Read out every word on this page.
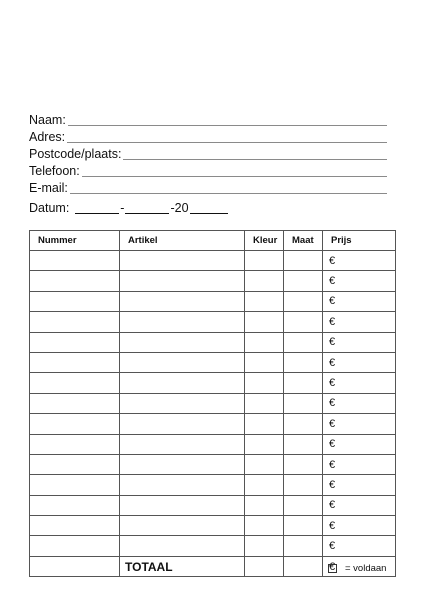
Naam:
Adres:
Postcode/plaats:
Telefoon:
E-mail:
Datum:	-	-20
Nummer	Artikel	Kleur	Maat	Prijs
				€
				€
				€
				€
				€
				€
				€
				€
				€
				€
				€
				€
				€
				€
				€
	TOTAAL			€ = voldaan
